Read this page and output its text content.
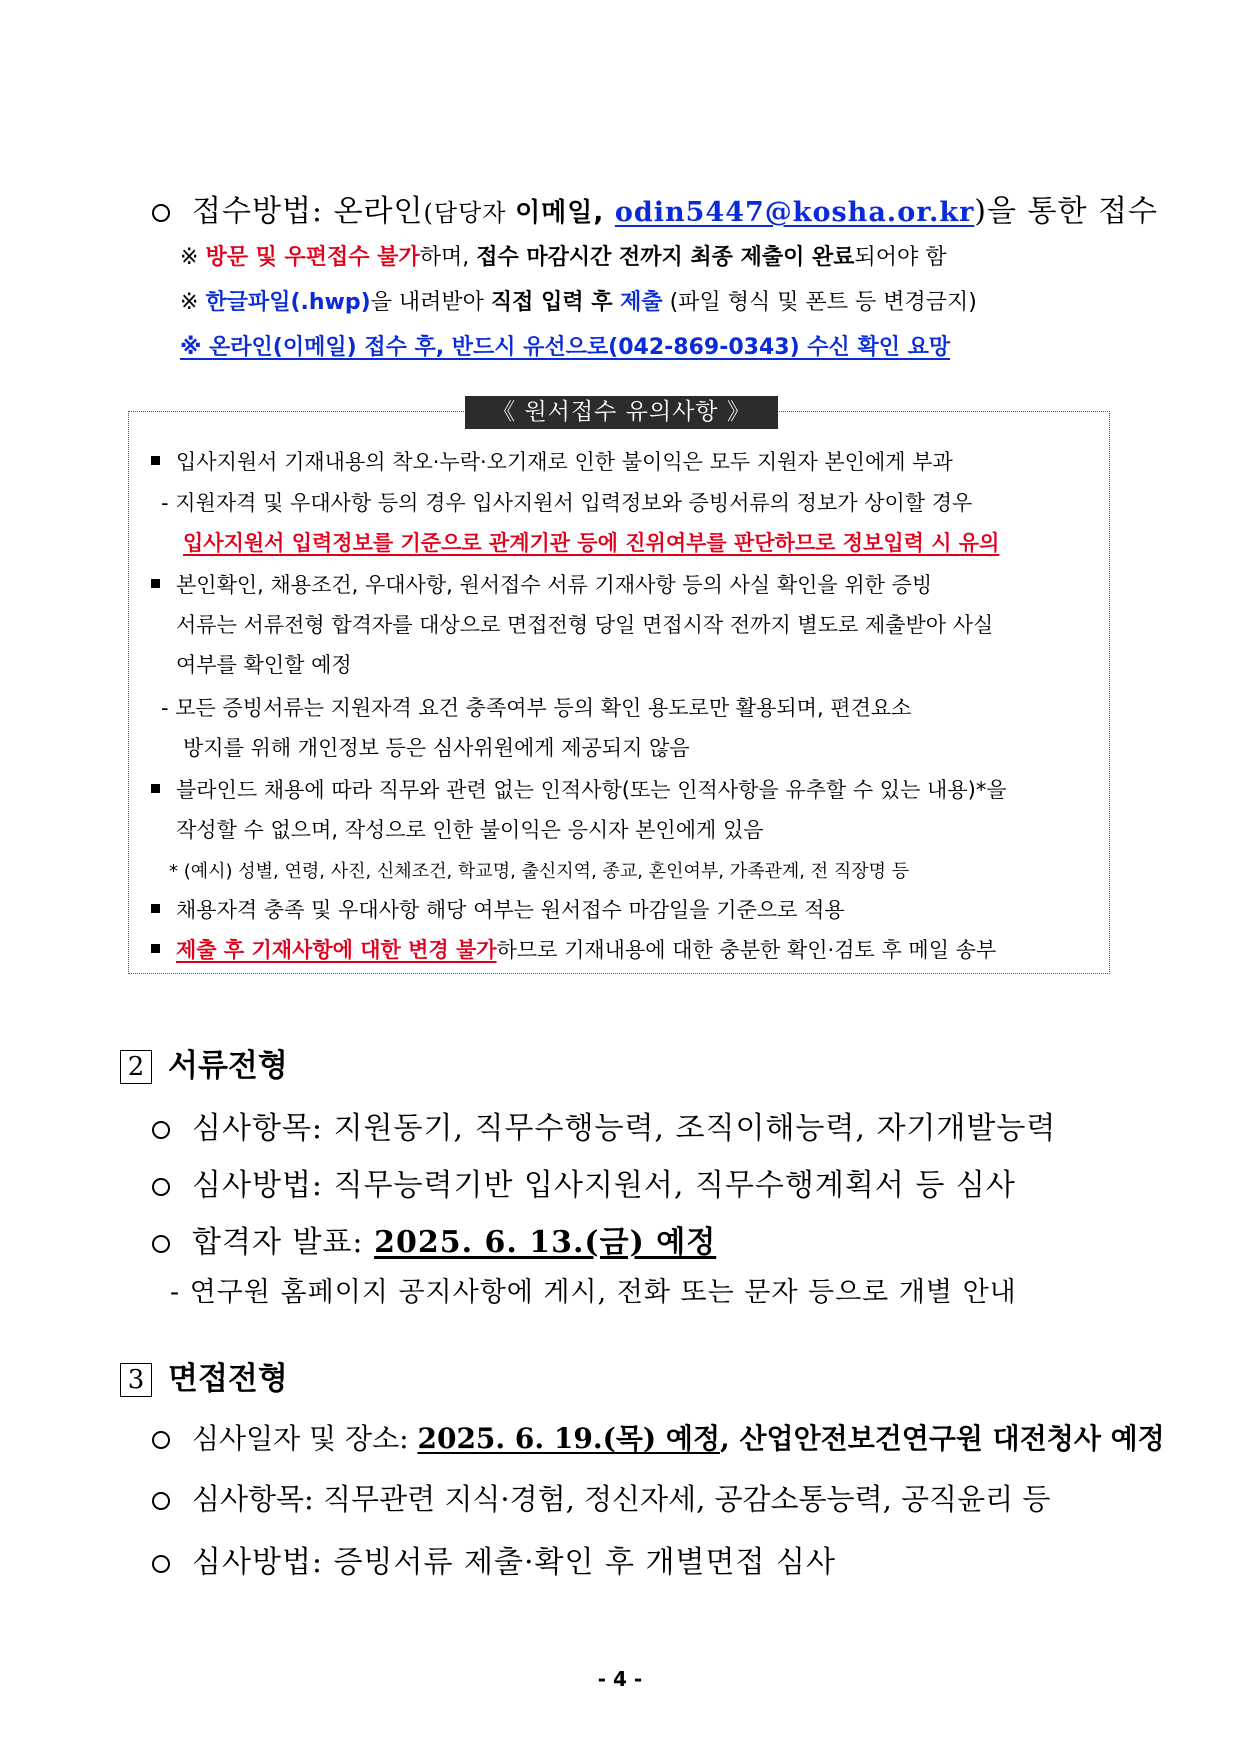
접수방법: 온라인(담당자 이메일, odin5447@kosha.or.kr)을 통한 접수
※ 방문 및 우편접수 불가하며, 접수 마감시간 전까지 최종 제출이 완료되어야 함
※ 한글파일(.hwp)을 내려받아 직접 입력 후 제출 (파일 형식 및 폰트 등 변경금지)
※ 온라인(이메일) 접수 후, 반드시 유선으로(042-869-0343) 수신 확인 요망
입사지원서 기재내용의 착오·누락·오기재로 인한 불이익은 모두 지원자 본인에게 부과
- 지원자격 및 우대사항 등의 경우 입사지원서 입력정보와 증빙서류의 정보가 상이할 경우
입사지원서 입력정보를 기준으로 관계기관 등에 진위여부를 판단하므로 정보입력 시 유의
본인확인, 채용조건, 우대사항, 원서접수 서류 기재사항 등의 사실 확인을 위한 증빙
서류는 서류전형 합격자를 대상으로 면접전형 당일 면접시작 전까지 별도로 제출받아 사실
여부를 확인할 예정
- 모든 증빙서류는 지원자격 요건 충족여부 등의 확인 용도로만 활용되며, 편견요소
방지를 위해 개인정보 등은 심사위원에게 제공되지 않음
블라인드 채용에 따라 직무와 관련 없는 인적사항(또는 인적사항을 유추할 수 있는 내용)*을
작성할 수 없으며, 작성으로 인한 불이익은 응시자 본인에게 있음
* (예시) 성별, 연령, 사진, 신체조건, 학교명, 출신지역, 종교, 혼인여부, 가족관계, 전 직장명 등
채용자격 충족 및 우대사항 해당 여부는 원서접수 마감일을 기준으로 적용
제출 후 기재사항에 대한 변경 불가하므로 기재내용에 대한 충분한 확인·검토 후 메일 송부
《 원서접수 유의사항 》
2 서류전형
심사항목: 지원동기, 직무수행능력, 조직이해능력, 자기개발능력
심사방법: 직무능력기반 입사지원서, 직무수행계획서 등 심사
합격자 발표: 2025. 6. 13.(금) 예정
- 연구원 홈페이지 공지사항에 게시, 전화 또는 문자 등으로 개별 안내
3 면접전형
심사일자 및 장소: 2025. 6. 19.(목) 예정, 산업안전보건연구원 대전청사 예정
심사항목: 직무관련 지식·경험, 정신자세, 공감소통능력, 공직윤리 등
심사방법: 증빙서류 제출·확인 후 개별면접 심사
- 4 -
